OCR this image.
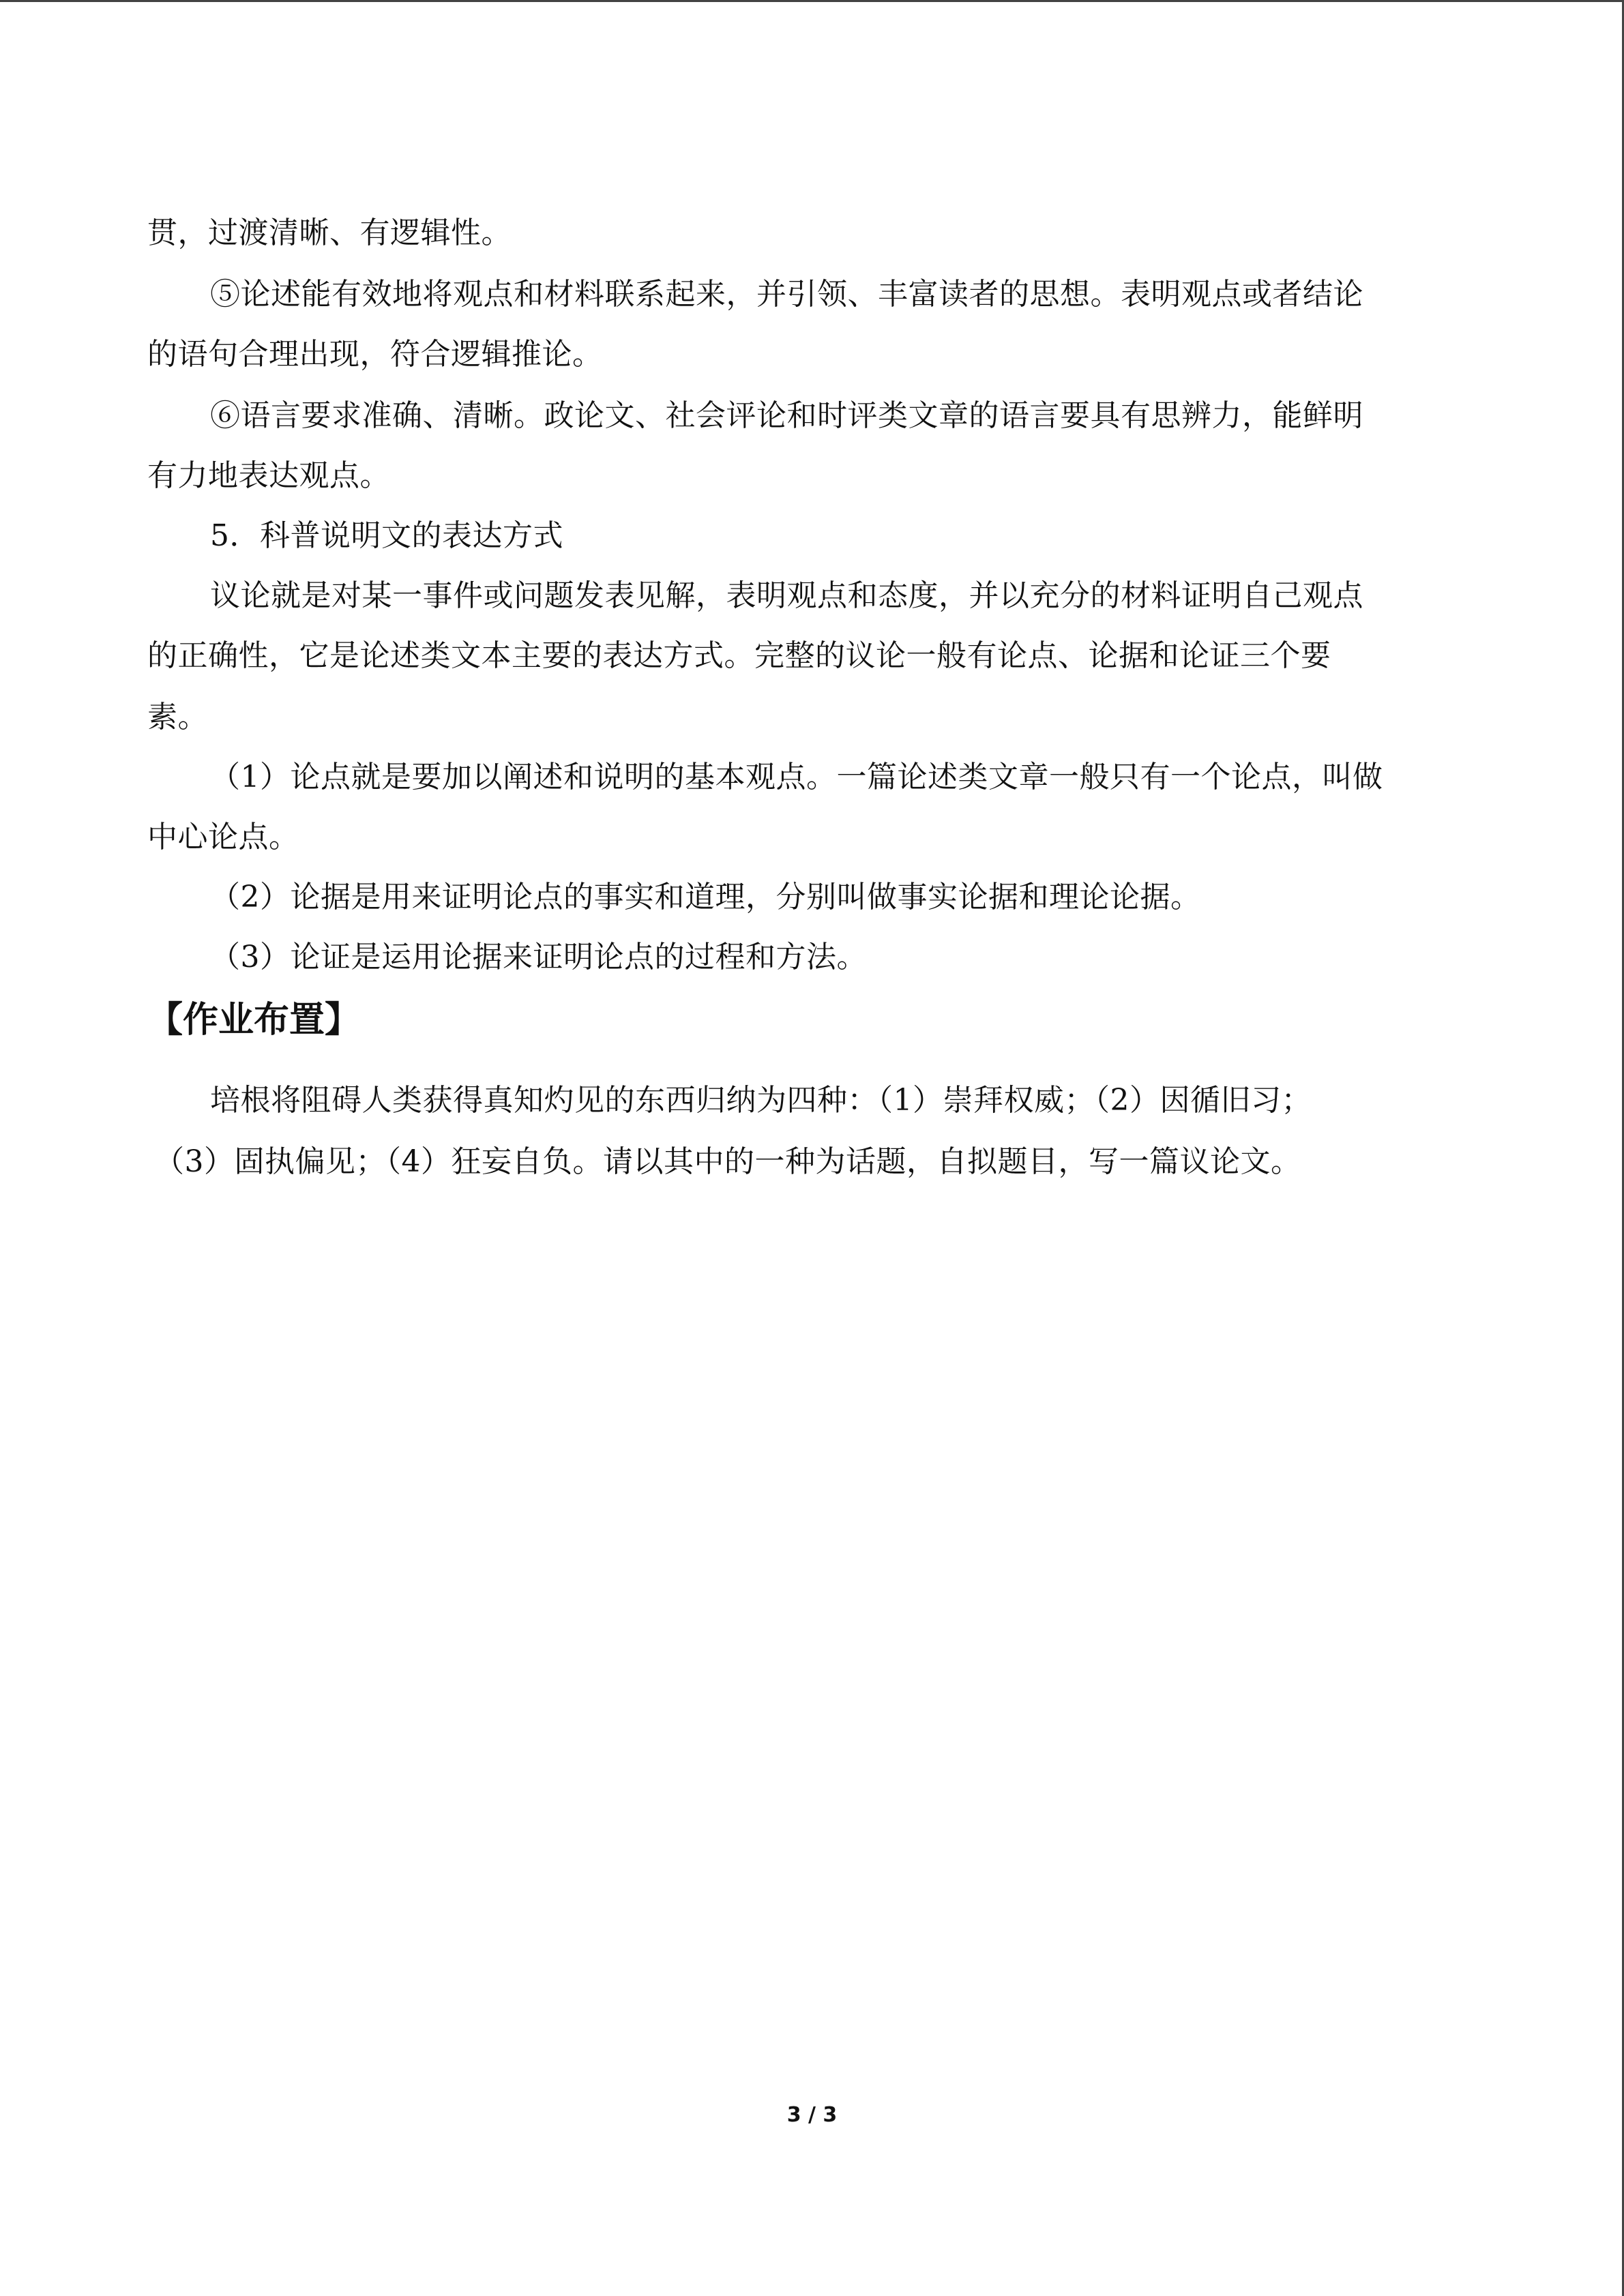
贯，过渡清晰、有逻辑性。
⑤论述能有效地将观点和材料联系起来，并引领、丰富读者的思想。表明观点或者结论
的语句合理出现，符合逻辑推论。
⑥语言要求准确、清晰。政论文、社会评论和时评类文章的语言要具有思辨力，能鲜明
有力地表达观点。
5．科普说明文的表达方式
议论就是对某一事件或问题发表见解，表明观点和态度，并以充分的材料证明自己观点
的正确性，它是论述类文本主要的表达方式。完整的议论一般有论点、论据和论证三个要
素。
（1）论点就是要加以阐述和说明的基本观点。一篇论述类文章一般只有一个论点，叫做
中心论点。
（2）论据是用来证明论点的事实和道理，分别叫做事实论据和理论论据。
（3）论证是运用论据来证明论点的过程和方法。
【作业布置】
培根将阻碍人类获得真知灼见的东西归纳为四种：（1）崇拜权威；（2）因循旧习；
（3）固执偏见；（4）狂妄自负。请以其中的一种为话题，自拟题目，写一篇议论文。
3 / 3
